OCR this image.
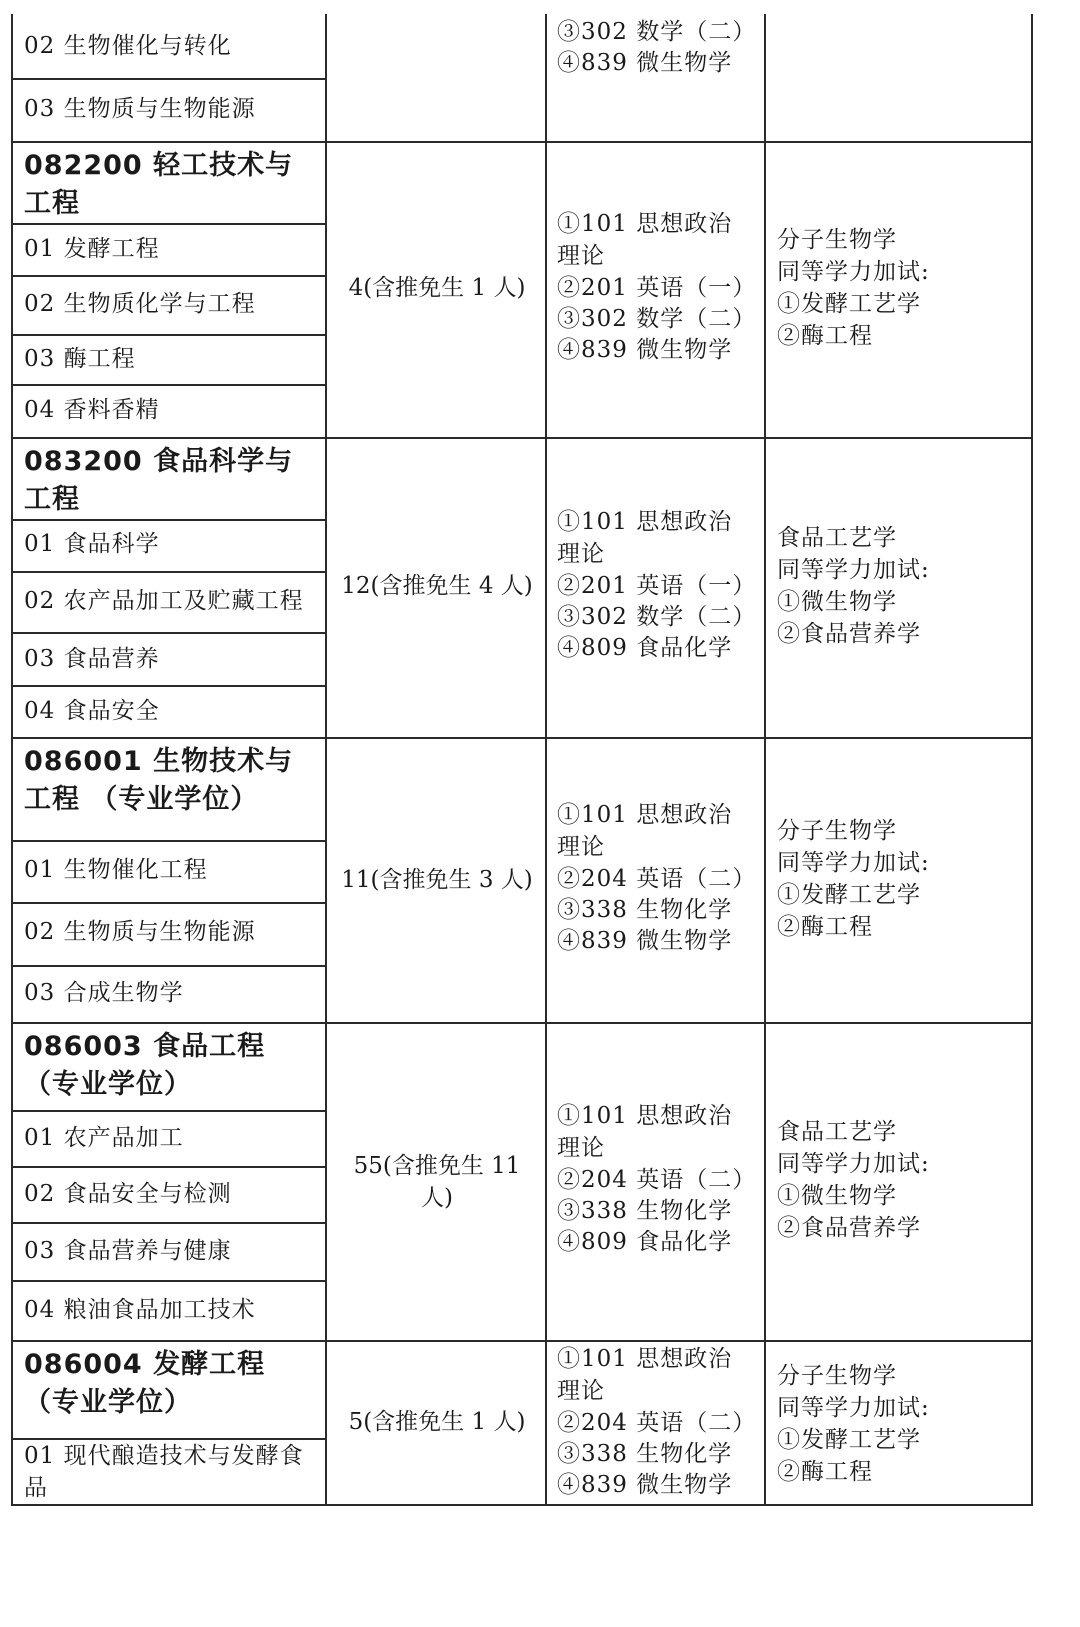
02 生物催化与转化
03 生物质与生物能源
③302 数学（二）
④839 微生物学
082200 轻工技术与工程
01 发酵工程
02 生物质化学与工程
03 酶工程
04 香料香精
4(含推免生 1 人)
①101 思想政治理论
②201 英语（一）
③302 数学（二）
④839 微生物学
分子生物学
同等学力加试:
①发酵工艺学
②酶工程
083200 食品科学与工程
01 食品科学
02 农产品加工及贮藏工程
03 食品营养
04 食品安全
12(含推免生 4 人)
①101 思想政治理论
②201 英语（一）
③302 数学（二）
④809 食品化学
食品工艺学
同等学力加试:
①微生物学
②食品营养学
086001 生物技术与工程 （专业学位）
01 生物催化工程
02 生物质与生物能源
03 合成生物学
11(含推免生 3 人)
①101 思想政治理论
②204 英语（二）
③338 生物化学
④839 微生物学
分子生物学
同等学力加试:
①发酵工艺学
②酶工程
086003 食品工程 （专业学位）
01 农产品加工
02 食品安全与检测
03 食品营养与健康
04 粮油食品加工技术
55(含推免生 11 人)
①101 思想政治理论
②204 英语（二）
③338 生物化学
④809 食品化学
食品工艺学
同等学力加试:
①微生物学
②食品营养学
086004 发酵工程 （专业学位）
01 现代酿造技术与发酵食品
5(含推免生 1 人)
①101 思想政治理论
②204 英语（二）
③338 生物化学
④839 微生物学
分子生物学
同等学力加试:
①发酵工艺学
②酶工程
